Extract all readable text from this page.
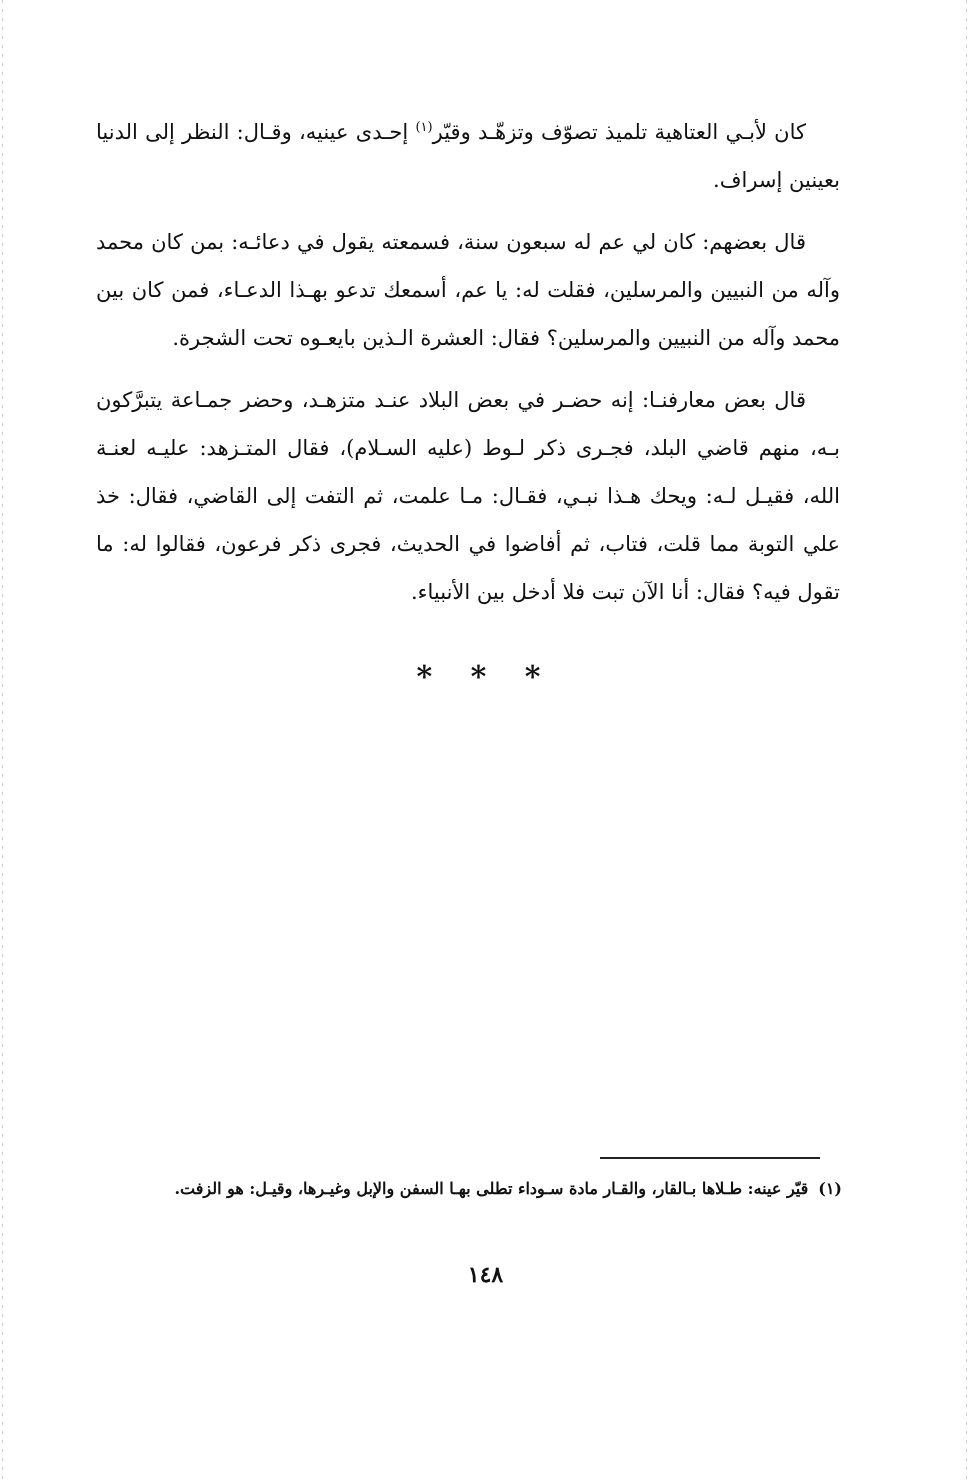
كان لأبـي العتاهية تلميذ تصوّف وتزهّـد وقيّر$^{(١)}$ إحـدى عينيه، وقـال: النظر إلى الدنيا بعينين إسراف.

قال بعضهم: كان لي عم له سبعون سنة، فسمعته يقول في دعائـه: بمن كان محمد وآله من النبيين والمرسلين، فقلت له: يا عم، أسمعك تدعو بهـذا الدعـاء، فمن كان بين محمد وآله من النبيين والمرسلين؟ فقال: العشرة الـذين بايعـوه تحت الشجرة.

قال بعض معارفنـا: إنه حضـر في بعض البلاد عنـد متزهـد، وحضر جمـاعة يتبرَّكون بـه، منهم قاضي البلد، فجـرى ذكر لـوط (عليه السـلام)، فقال المتـزهد: عليـه لعنـة الله، فقيـل لـه: ويحك هـذا نبـي، فقـال: مـا علمت، ثم التفت إلى القاضي، فقال: خذ علي التوبة مما قلت، فتاب، ثم أفاضوا في الحديث، فجرى ذكر فرعون، فقالوا له: ما تقول فيه؟ فقال: أنا الآن تبت فلا أدخل بين الأنبياء.

* * *
(١)قيّر عينه: طـلاها بـالقار، والقـار مادة سـوداء تطلى بهـا السفن والإبل وغيـرها، وقيـل: هو الزفت.
١٤٨
